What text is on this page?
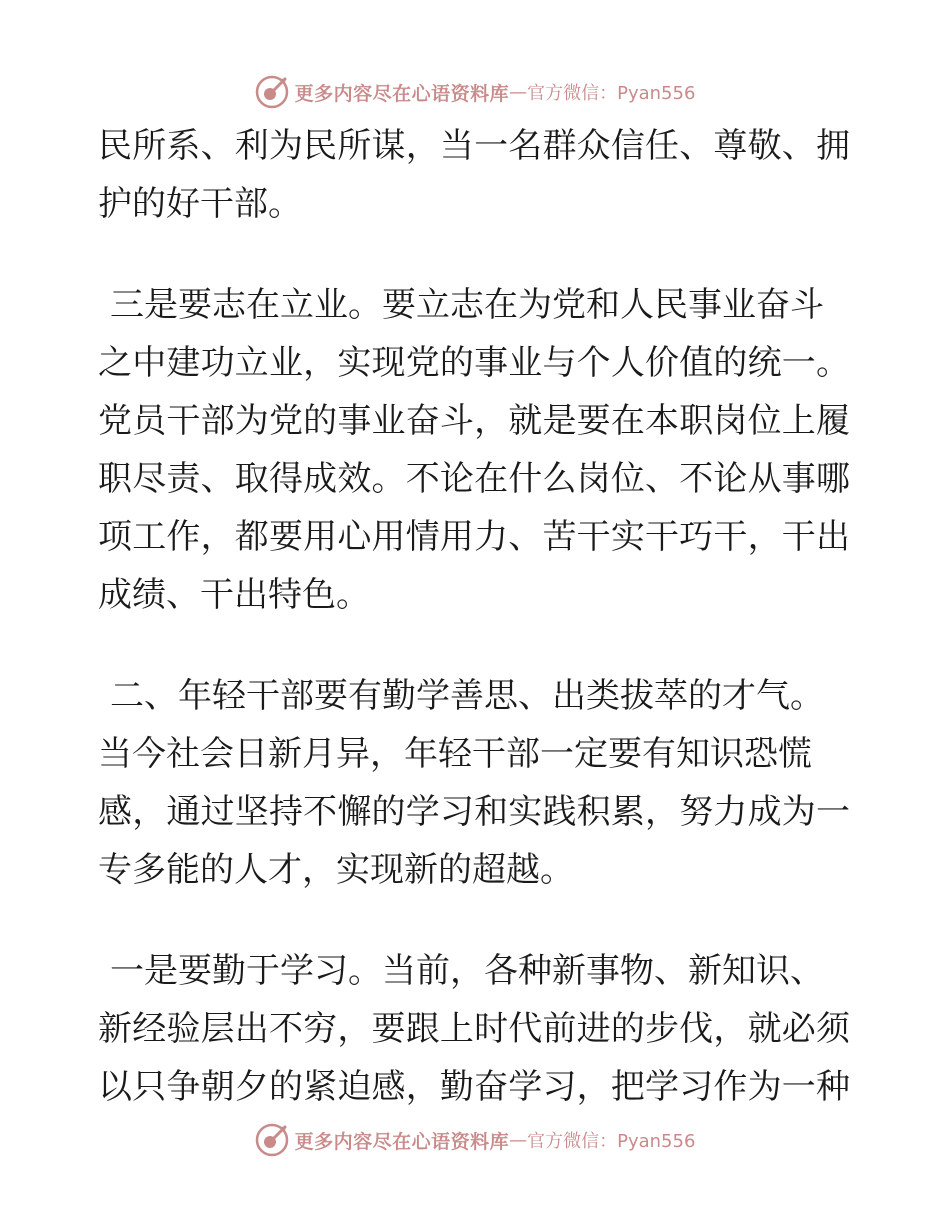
更多内容尽在心语资料库 — 官方微信：Pyan556
民所系、利为民所谋，当一名群众信任、尊敬、拥
护的好干部。
三是要志在立业。要立志在为党和人民事业奋斗
之中建功立业，实现党的事业与个人价值的统一。
党员干部为党的事业奋斗，就是要在本职岗位上履
职尽责、取得成效。不论在什么岗位、不论从事哪
项工作，都要用心用情用力、苦干实干巧干，干出
成绩、干出特色。
二、年轻干部要有勤学善思、出类拔萃的才气。
当今社会日新月异，年轻干部一定要有知识恐慌
感，通过坚持不懈的学习和实践积累，努力成为一
专多能的人才，实现新的超越。
一是要勤于学习。当前，各种新事物、新知识、
新经验层出不穷，要跟上时代前进的步伐，就必须
以只争朝夕的紧迫感，勤奋学习，把学习作为一种
更多内容尽在心语资料库 — 官方微信：Pyan556
